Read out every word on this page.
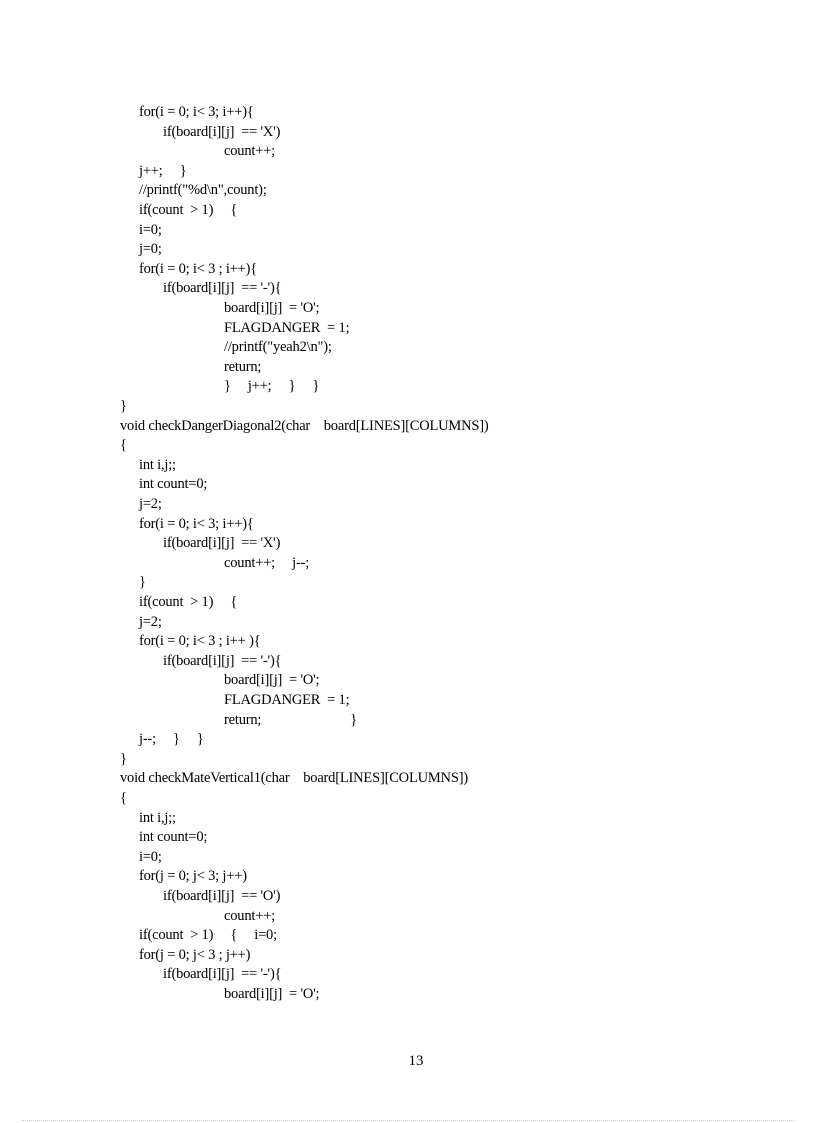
for(i = 0; i< 3; i++){
if(board[i][j]  == 'X')
count++;
j++;     }
//printf("%d\n",count);
if(count  > 1)     {
i=0;
j=0;
for(i = 0; i< 3 ; i++){
if(board[i][j]  == '-'){
board[i][j]  = 'O';
FLAGDANGER  = 1;
//printf("yeah2\n");
return;
}     j++;     }     }
}
void checkDangerDiagonal2(char    board[LINES][COLUMNS])
{
int i,j;;
int count=0;
j=2;
for(i = 0; i< 3; i++){
if(board[i][j]  == 'X')
count++;     j--;
}
if(count  > 1)     {
j=2;
for(i = 0; i< 3 ; i++ ){
if(board[i][j]  == '-'){
board[i][j]  = 'O';
FLAGDANGER  = 1;
return;                          }
j--;     }     }
}
void checkMateVertical1(char    board[LINES][COLUMNS])
{
int i,j;;
int count=0;
i=0;
for(j = 0; j< 3; j++)
if(board[i][j]  == 'O')
count++;
if(count  > 1)     {     i=0;
for(j = 0; j< 3 ; j++)
if(board[i][j]  == '-'){
board[i][j]  = 'O';
13
